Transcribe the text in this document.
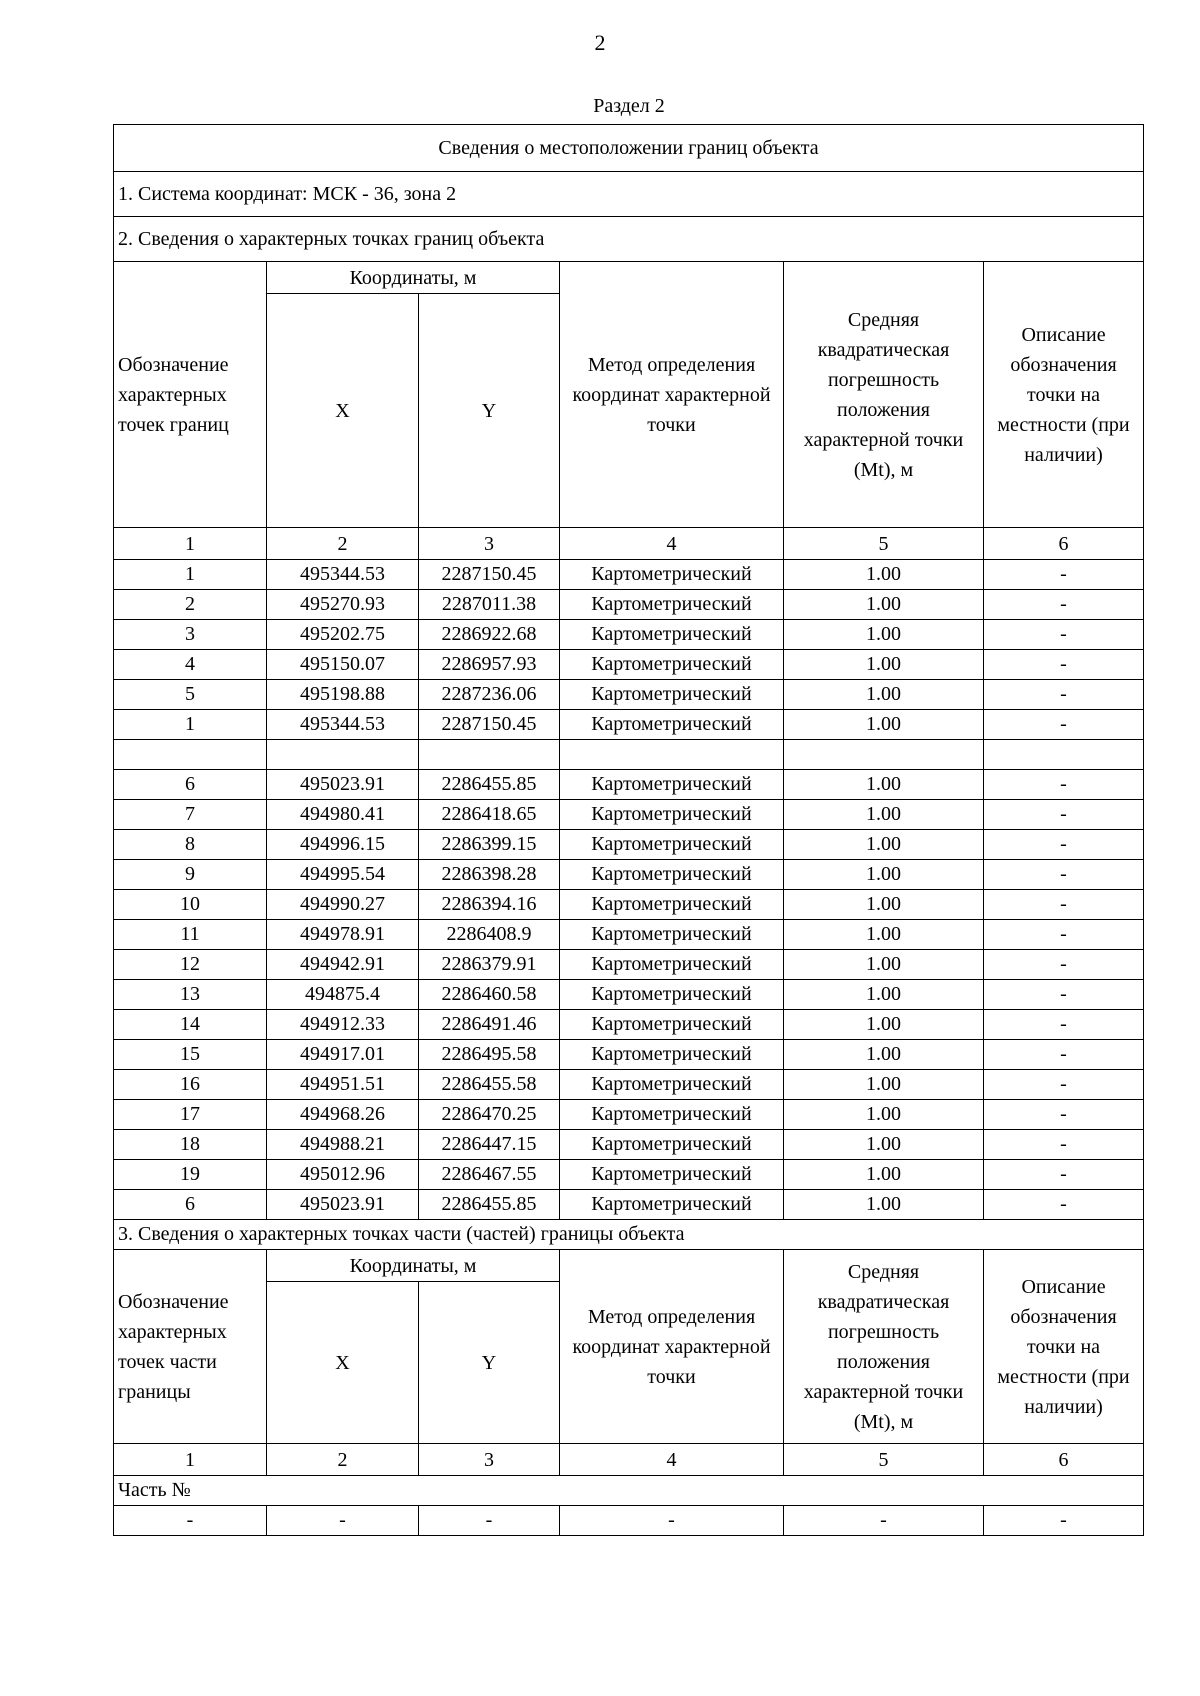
2
Раздел 2
Сведения о местоположении границ объекта					
1. Система координат: МСК - 36, зона 2					
2. Сведения о характерных точках границ объекта					
Обозначение характерных точек границ	Координаты, м		Метод определения координат характерной точки	Средняя квадратическая погрешность положения характерной точки (Mt), м	Описание обозначения точки на местности (при наличии)
	X	Y			
1	2	3	4	5	6
1	495344.53	2287150.45	Картометрический	1.00	-
2	495270.93	2287011.38	Картометрический	1.00	-
3	495202.75	2286922.68	Картометрический	1.00	-
4	495150.07	2286957.93	Картометрический	1.00	-
5	495198.88	2287236.06	Картометрический	1.00	-
1	495344.53	2287150.45	Картометрический	1.00	-

6	495023.91	2286455.85	Картометрический	1.00	-
7	494980.41	2286418.65	Картометрический	1.00	-
8	494996.15	2286399.15	Картометрический	1.00	-
9	494995.54	2286398.28	Картометрический	1.00	-
10	494990.27	2286394.16	Картометрический	1.00	-
11	494978.91	2286408.9	Картометрический	1.00	-
12	494942.91	2286379.91	Картометрический	1.00	-
13	494875.4	2286460.58	Картометрический	1.00	-
14	494912.33	2286491.46	Картометрический	1.00	-
15	494917.01	2286495.58	Картометрический	1.00	-
16	494951.51	2286455.58	Картометрический	1.00	-
17	494968.26	2286470.25	Картометрический	1.00	-
18	494988.21	2286447.15	Картометрический	1.00	-
19	495012.96	2286467.55	Картометрический	1.00	-
6	495023.91	2286455.85	Картометрический	1.00	-
3. Сведения о характерных точках части (частей) границы объекта					
Обозначение характерных точек части границы	Координаты, м		Метод определения координат характерной точки	Средняя квадратическая погрешность положения характерной точки (Mt), м	Описание обозначения точки на местности (при наличии)
	X	Y			
1	2	3	4	5	6
Часть №					
-	-	-	-	-	-
